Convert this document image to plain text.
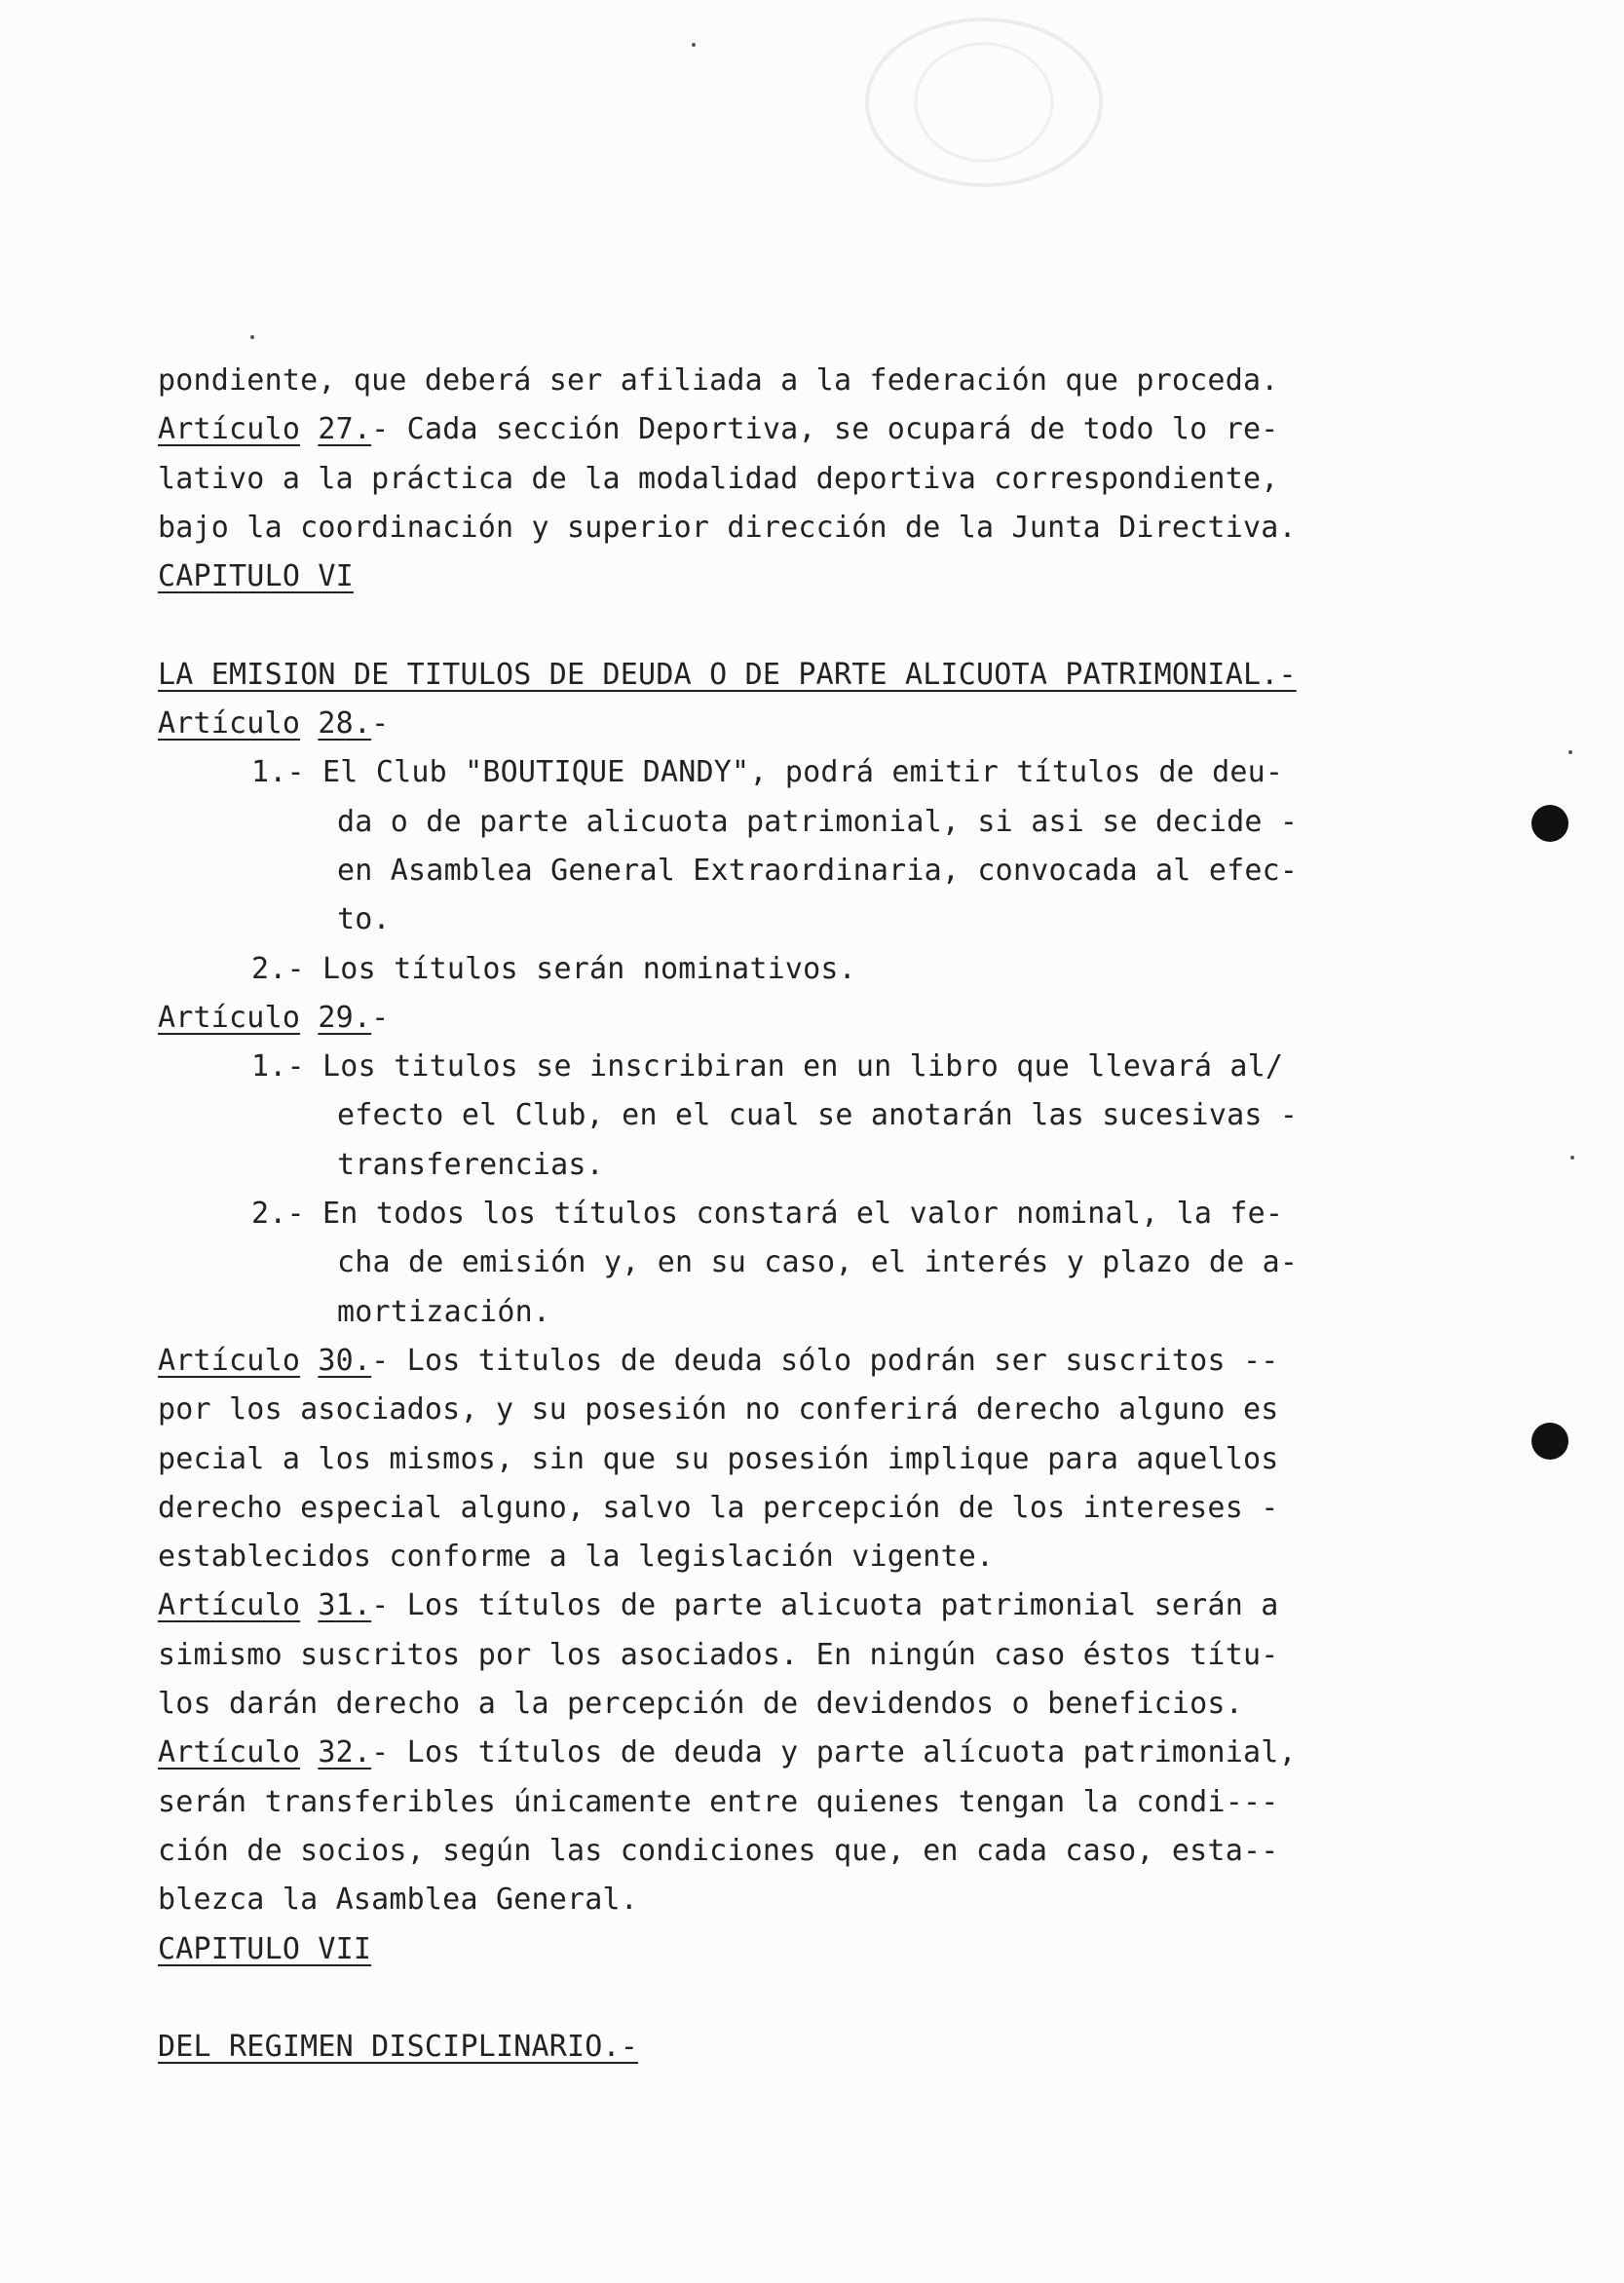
pondiente, que deberá ser afiliada a la federación que proceda.
Artículo 27.- Cada sección Deportiva, se ocupará de todo lo re-
lativo a la práctica de la modalidad deportiva correspondiente,
bajo la coordinación y superior dirección de la Junta Directiva.
CAPITULO VI
LA EMISION DE TITULOS DE DEUDA O DE PARTE ALICUOTA PATRIMONIAL.-
Artículo 28.-
1.- El Club "BOUTIQUE DANDY", podrá emitir títulos de deu-
da o de parte alicuota patrimonial, si asi se decide -
en Asamblea General Extraordinaria, convocada al efec-
to.
2.- Los títulos serán nominativos.
Artículo 29.-
1.- Los titulos se inscribiran en un libro que llevará al/
efecto el Club, en el cual se anotarán las sucesivas -
transferencias.
2.- En todos los títulos constará el valor nominal, la fe-
cha de emisión y, en su caso, el interés y plazo de a-
mortización.
Artículo 30.- Los titulos de deuda sólo podrán ser suscritos --
por los asociados, y su posesión no conferirá derecho alguno es
pecial a los mismos, sin que su posesión implique para aquellos
derecho especial alguno, salvo la percepción de los intereses -
establecidos conforme a la legislación vigente.
Artículo 31.- Los títulos de parte alicuota patrimonial serán a
simismo suscritos por los asociados. En ningún caso éstos títu-
los darán derecho a la percepción de devidendos o beneficios.
Artículo 32.- Los títulos de deuda y parte alícuota patrimonial,
serán transferibles únicamente entre quienes tengan la condi---
ción de socios, según las condiciones que, en cada caso, esta--
blezca la Asamblea General.
CAPITULO VII
DEL REGIMEN DISCIPLINARIO.-
